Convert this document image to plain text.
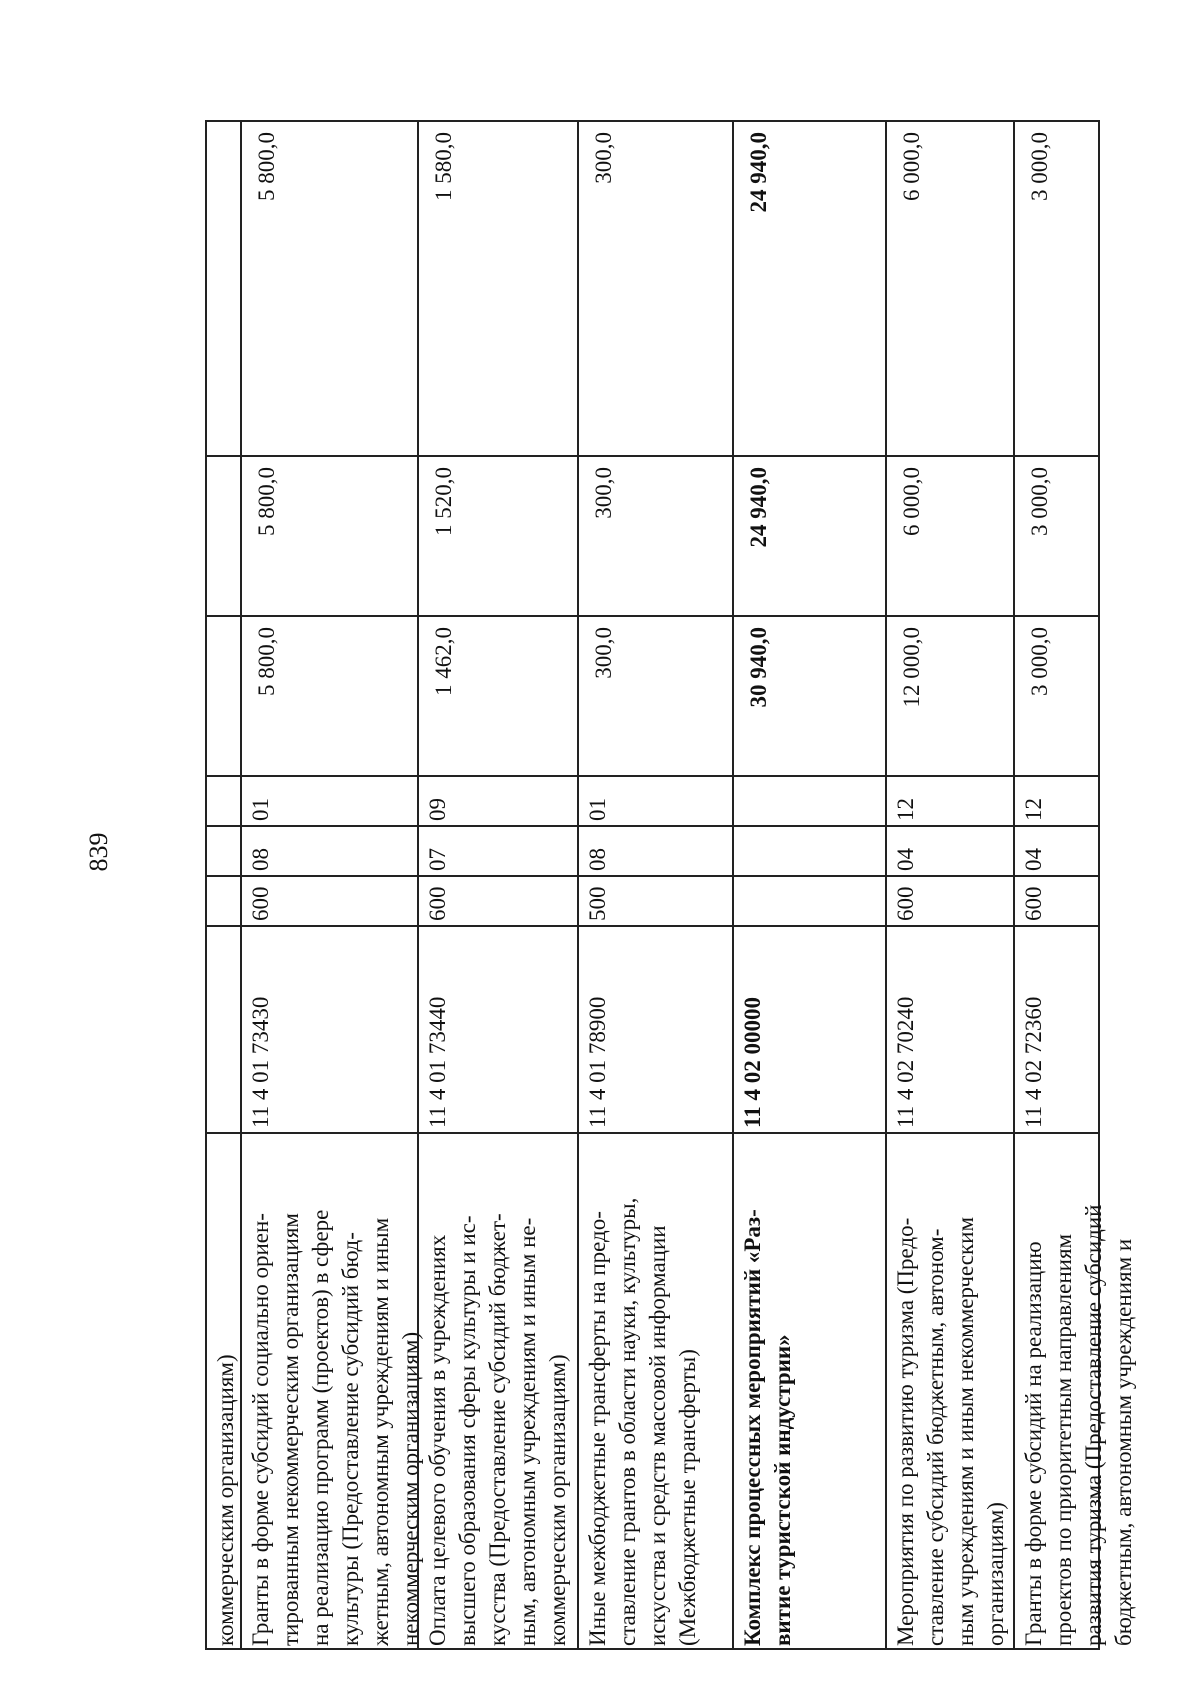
839
коммерческим организациям)
5 800,0
5 800,0
5 800,0
01
08
600
11 4 01 73430
Гранты в форме субсидий социально ориен- тированным некоммерческим организациям на реализацию программ (проектов) в сфере культуры (Предоставление субсидий бюд- жетным, автономным учреждениям и иным некоммерческим организациям)
1 580,0
1 520,0
1 462,0
09
07
600
11 4 01 73440
Оплата целевого обучения в учреждениях высшего образования сферы культуры и ис- кусства (Предоставление субсидий бюджет- ным, автономным учреждениям и иным не- коммерческим организациям)
300,0
300,0
300,0
01
08
500
11 4 01 78900
Иные межбюджетные трансферты на предо- ставление грантов в области науки, культуры, искусства и средств массовой информации (Межбюджетные трансферты)
24 940,0
24 940,0
30 940,0
11 4 02 00000
Комплекс процессных мероприятий «Раз- витие туристской индустрии»
6 000,0
6 000,0
12 000,0
12
04
600
11 4 02 70240
Мероприятия по развитию туризма (Предо- ставление субсидий бюджетным, автоном- ным учреждениям и иным некоммерческим организациям)
3 000,0
3 000,0
3 000,0
12
04
600
11 4 02 72360
Гранты в форме субсидий на реализацию проектов по приоритетным направлениям развития туризма (Предоставление субсидий бюджетным, автономным учреждениям и
